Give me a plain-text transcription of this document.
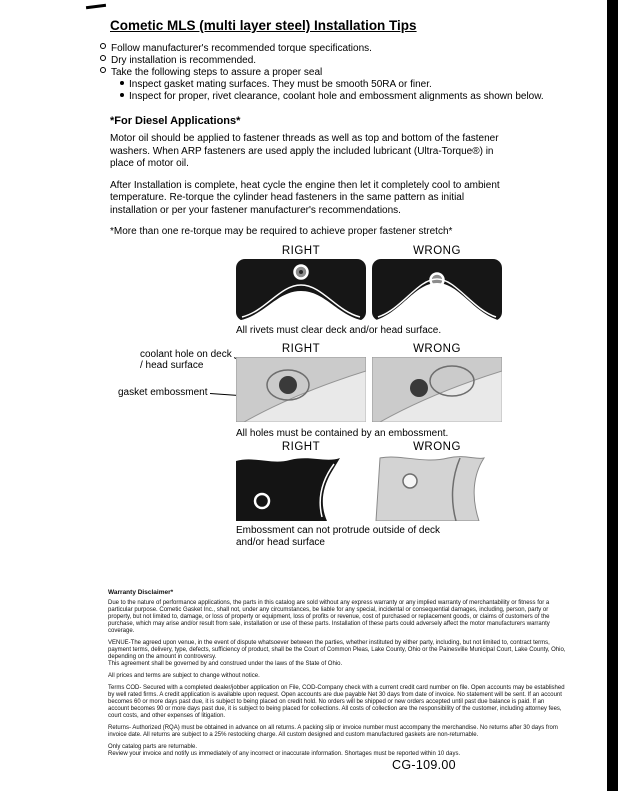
Cometic MLS (multi layer steel) Installation Tips
Follow manufacturer's recommended torque specifications.
Dry installation is recommended.
Take the following steps to assure a proper seal
Inspect gasket mating surfaces. They must be smooth 50RA or finer.
Inspect for proper, rivet clearance, coolant hole and embossment alignments as shown below.
*For Diesel Applications*
Motor oil should be applied to fastener threads as well as top and bottom of the fastener washers. When ARP fasteners are used apply the included lubricant (Ultra-Torque®) in place of motor oil.
After Installation is complete, heat cycle the engine then let it completely cool to ambient temperature. Re-torque the cylinder head fasteners in the same pattern as initial installation or per your fastener manufacturer's recommendations.
*More than one re-torque may be required to achieve proper fastener stretch*
RIGHT	WRONG
All rivets must clear deck and/or head surface.
RIGHT	WRONG
coolant hole on deck / head surface
gasket embossment
All holes must be contained by an embossment.
RIGHT	WRONG
Embossment can not protrude outside of deck and/or head surface
Warranty Disclaimer*
Due to the nature of performance applications, the parts in this catalog are sold without any express warranty or any implied warranty of merchantability or fitness for a particular purpose. Cometic Gasket Inc., shall not, under any circumstances, be liable for any special, incidental or consequential damages, including, person, party or property, but not limited to, damage, or loss of property or equipment, loss of profits or revenue, cost of purchased or replacement goods, or claims of customers of the purchase, which may arise and/or result from sale, installation or use of these parts. Installation of these parts could adversely affect the motor manufacturers warranty coverage.
VENUE-The agreed upon venue, in the event of dispute whatsoever between the parties, whether instituted by either party, including, but not limited to, contract terms, payment terms, delivery, type, defects, sufficiency of product, shall be the Court of Common Pleas, Lake County, Ohio or the Painesville Municipal Court, Lake County, Ohio, depending on the amount in controversy.
This agreement shall be governed by and construed under the laws of the State of Ohio.
All prices and terms are subject to change without notice.
Terms COD- Secured with a completed dealer/jobber application on File, COD-Company check with a current credit card number on file. Open accounts may be established by well rated firms. A credit application is available upon request. Open accounts are due payable Net 30 days from date of invoice. No statement will be sent. If an account becomes 60 or more days past due, it is subject to being placed on credit hold. No orders will be shipped or new orders accepted until past due balance is paid. If an account becomes 90 or more days past due, it is subject to being placed for collections. All costs of collection are the responsibility of the customer, including attorney fees, court costs, and other expenses of litigation.
Returns- Authorized (RQA) must be obtained in advance on all returns. A packing slip or invoice number must accompany the merchandise. No returns after 30 days from invoice date. All returns are subject to a 25% restocking charge. All custom designed and custom manufactured gaskets are non-returnable.
Only catalog parts are returnable.
Review your invoice and notify us immediately of any incorrect or inaccurate information. Shortages must be reported within 10 days.
CG-109.00
